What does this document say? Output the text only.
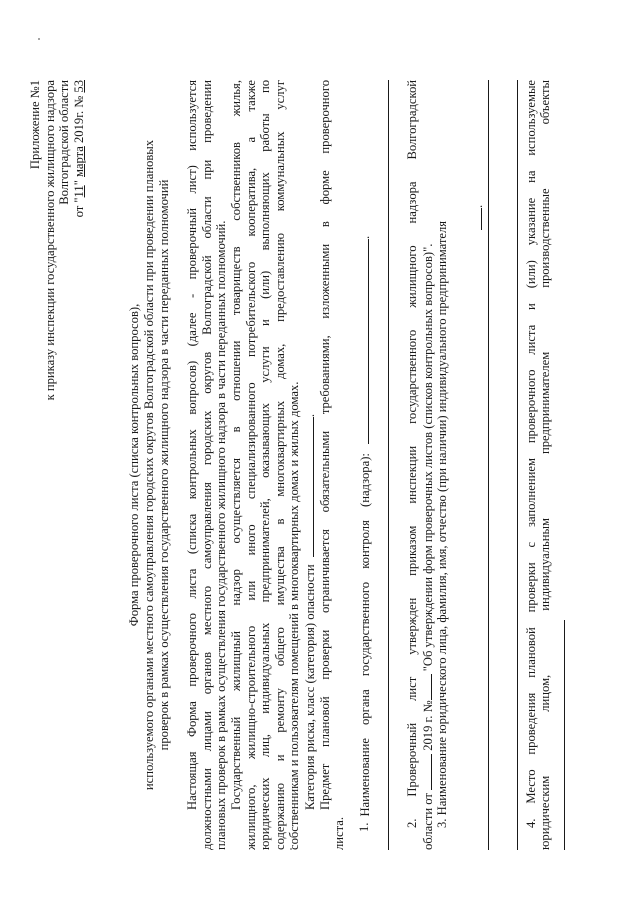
Приложение №1 к приказу инспекции государственного жилищного надзора Волгоградской области
от "11" марта 2019г. № 53
Форма проверочного листа (списка контрольных вопросов), используемого органами местного самоуправления городских округов Волгоградской области при проведении плановых проверок в рамках осуществления государственного жилищного надзора в части переданных полномочий Настоящая Форма проверочного листа (списка контрольных вопросов) (далее - проверочный лист) используется должностными лицами органов местного самоуправления городских округов Волгоградской области при проведении плановых проверок в рамках осуществления государственного жилищного надзора в части переданных полномочий. Государственный жилищный надзор осуществляется в отношении товариществ собственников жилья, жилищного, жилищно-строительного или иного специализированного потребительского кооператива, а также юридических лиц, индивидуальных предпринимателей, оказывающих услуги и (или) выполняющих работы по содержанию и ремонту общего имущества в многоквартирных домах, предоставлению коммунальных услуг собственникам и пользователям помещений в многоквартирных домах и жилых домах. Категория риска, класс (категория) опасности . Предмет плановой проверки ограничивается обязательными требованиями, изложенными в форме проверочного
листа. 1.
Наименование органа государственного контроля (надзора): .
2. Проверочный лист утвержден приказом инспекции государственного жилищного надзора Волгоградской
области от  2019 г. № "Об утверждении форм проверочных листов (списков контрольных вопросов)".
3. Наименование юридического лица, фамилия, имя, отчество (при наличии) индивидуального предпринимателя
.
4. Место проведения плановой проверки с заполнением проверочного листа и (или) указание на используемые юридическим лицом, индивидуальным предпринимателем производственные объекты
